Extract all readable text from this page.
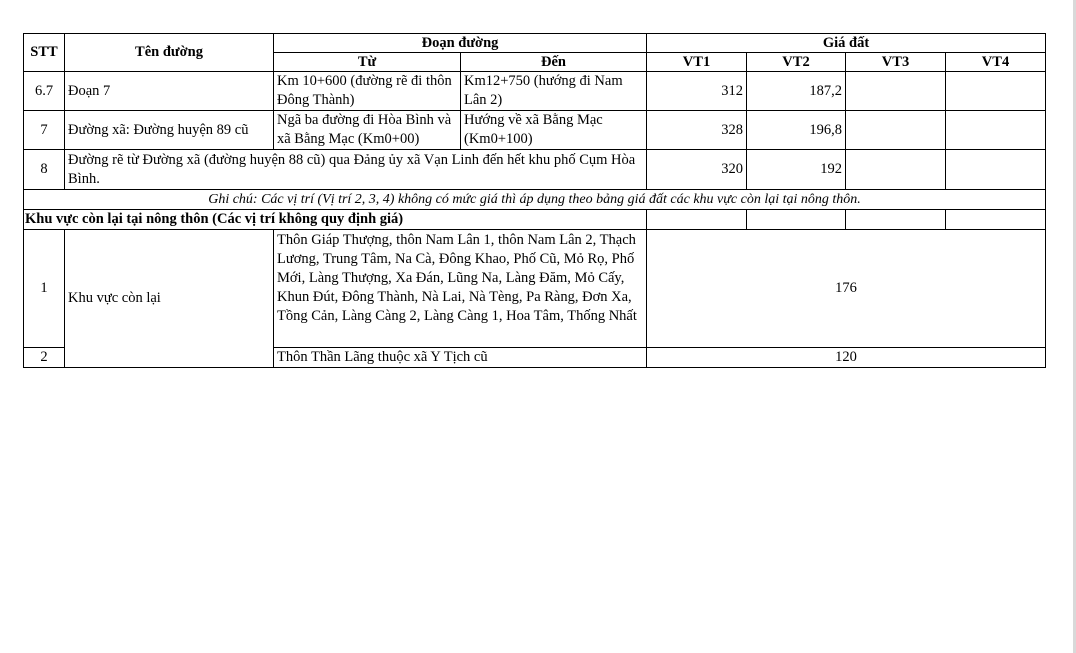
STT	Tên đường	Đoạn đường		Giá đất			
		Từ	Đến	VT1	VT2	VT3	VT4
6.7	Đoạn 7	Km 10+600 (đường rẽ đi thôn Đông Thành)	Km12+750 (hướng đi Nam Lân 2)	312	187,2		
7	Đường xã: Đường huyện 89 cũ	Ngã ba đường đi Hòa Bình và xã Bằng Mạc (Km0+00)	Hướng về xã Bằng Mạc (Km0+100)	328	196,8		
8	Đường rẽ từ Đường xã (đường huyện 88 cũ) qua Đảng ủy xã Vạn Linh đến hết khu phố Cụm Hòa Bình.			320	192		
Ghi chú: Các vị trí (Vị trí 2, 3, 4) không có mức giá thì áp dụng theo bảng giá đất các khu vực còn lại tại nông thôn.							
Khu vực còn lại tại nông thôn (Các vị trí không quy định giá)							
1	Khu vực còn lại	Thôn Giáp Thượng, thôn Nam Lân 1, thôn Nam Lân 2, Thạch Lương, Trung Tâm, Na Cà, Đông Khao, Phố Cũ, Mỏ Rọ, Phố Mới, Làng Thượng, Xa Đán, Lũng Na, Làng Đăm, Mỏ Cấy, Khun Đút, Đông Thành, Nà Lai, Nà Tèng, Pa Ràng, Đơn Xa, Tồng Cản, Làng Càng 2, Làng Càng 1, Hoa Tâm, Thống Nhất		176			
2		Thôn Thần Lãng thuộc xã Y Tịch cũ		120			
